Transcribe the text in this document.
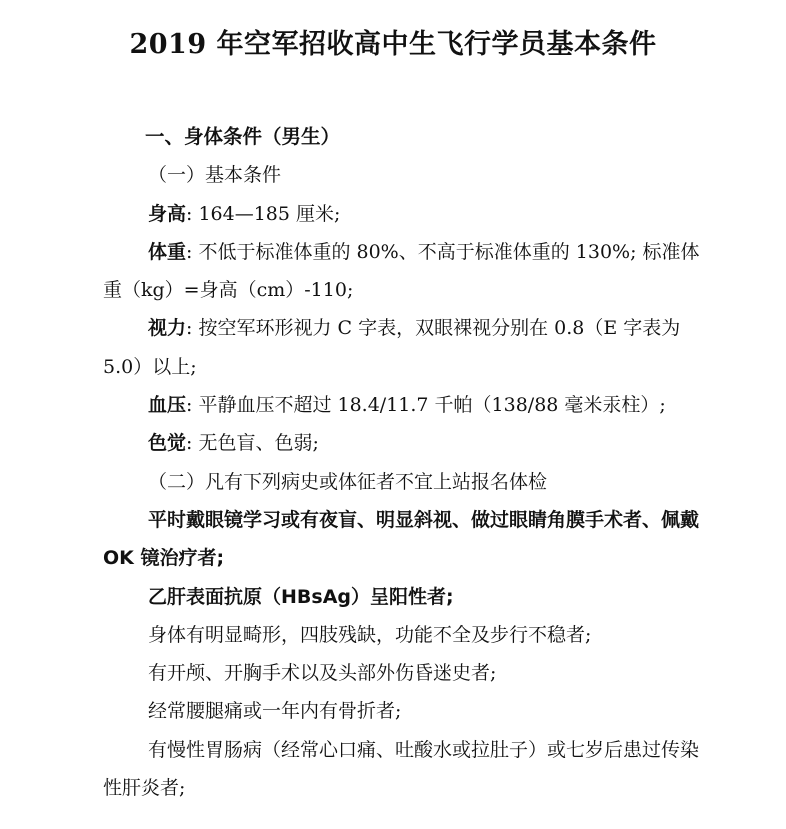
2019 年空军招收高中生飞行学员基本条件

一、身体条件（男生）

（一）基本条件

身高: 164—185 厘米;

体重: 不低于标准体重的 80%、不高于标准体重的 130%; 标准体重（kg）=身高（cm）-110;

视力: 按空军环形视力 C 字表，双眼裸视分别在 0.8（E 字表为 5.0）以上;

血压: 平静血压不超过 18.4/11.7 千帕（138/88 毫米汞柱）;

色觉: 无色盲、色弱;

（二）凡有下列病史或体征者不宜上站报名体检

平时戴眼镜学习或有夜盲、明显斜视、做过眼睛角膜手术者、佩戴 OK 镜治疗者;

乙肝表面抗原（HBsAg）呈阳性者;

身体有明显畸形，四肢残缺，功能不全及步行不稳者;

有开颅、开胸手术以及头部外伤昏迷史者;

经常腰腿痛或一年内有骨折者;

有慢性胃肠病（经常心口痛、吐酸水或拉肚子）或七岁后患过传染性肝炎者;
